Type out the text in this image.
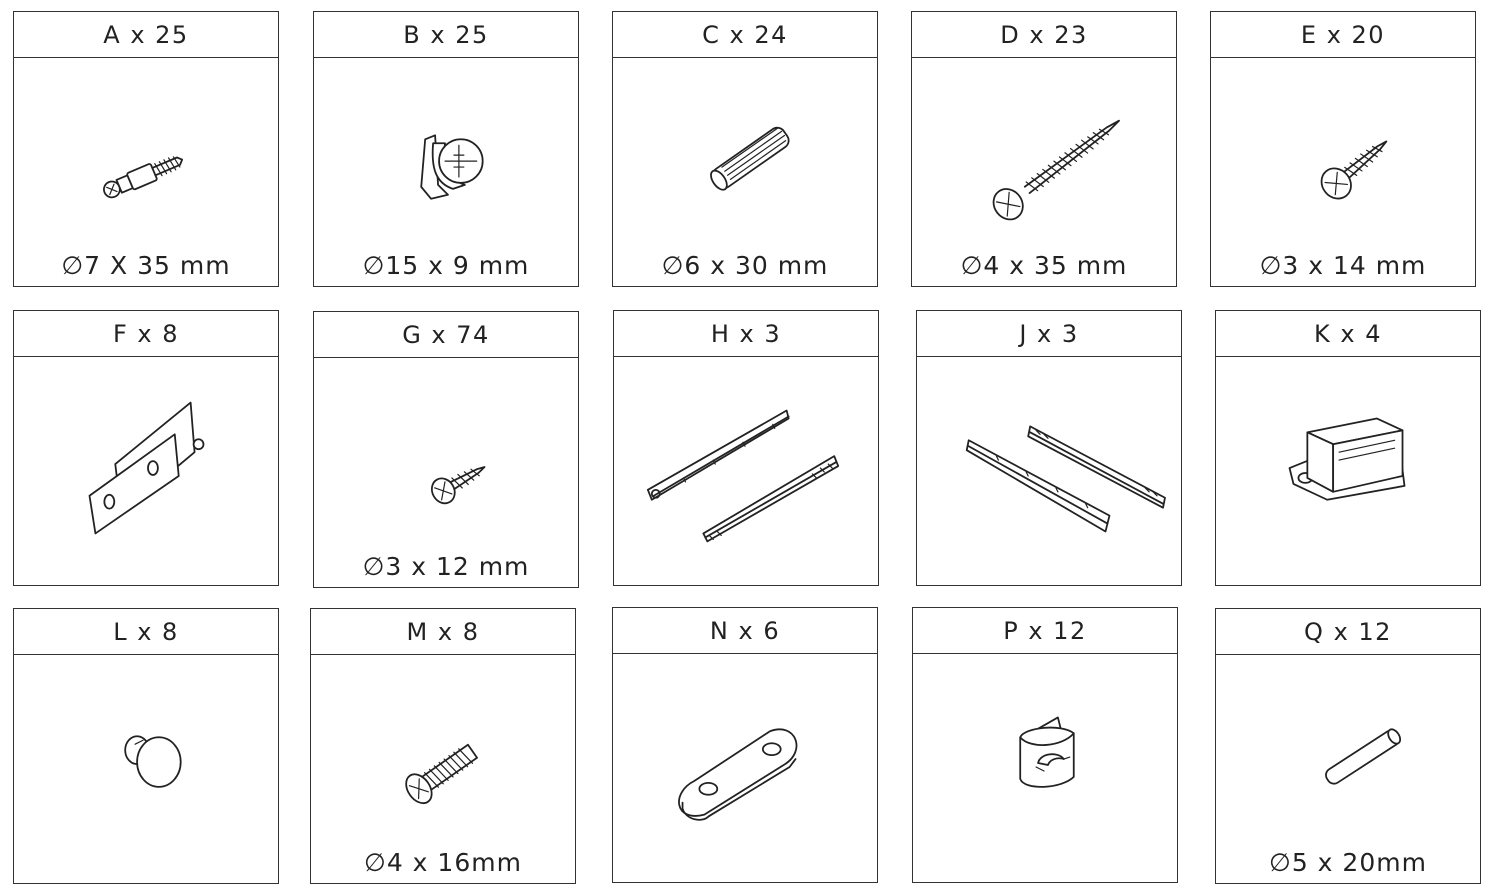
A x 25
∅7 X 35 mm
B x 25
∅15 x 9 mm
C x 24
∅6 x 30 mm
D x 23
∅4 x 35 mm
E x 20
∅3 x 14 mm
F x 8	G x 74
∅3 x 12 mm
H x 3	J x 3	K x 4
L x 8	M x 8
∅4 x 16mm
N x 6	P x 12	Q x 12
∅5 x 20mm
